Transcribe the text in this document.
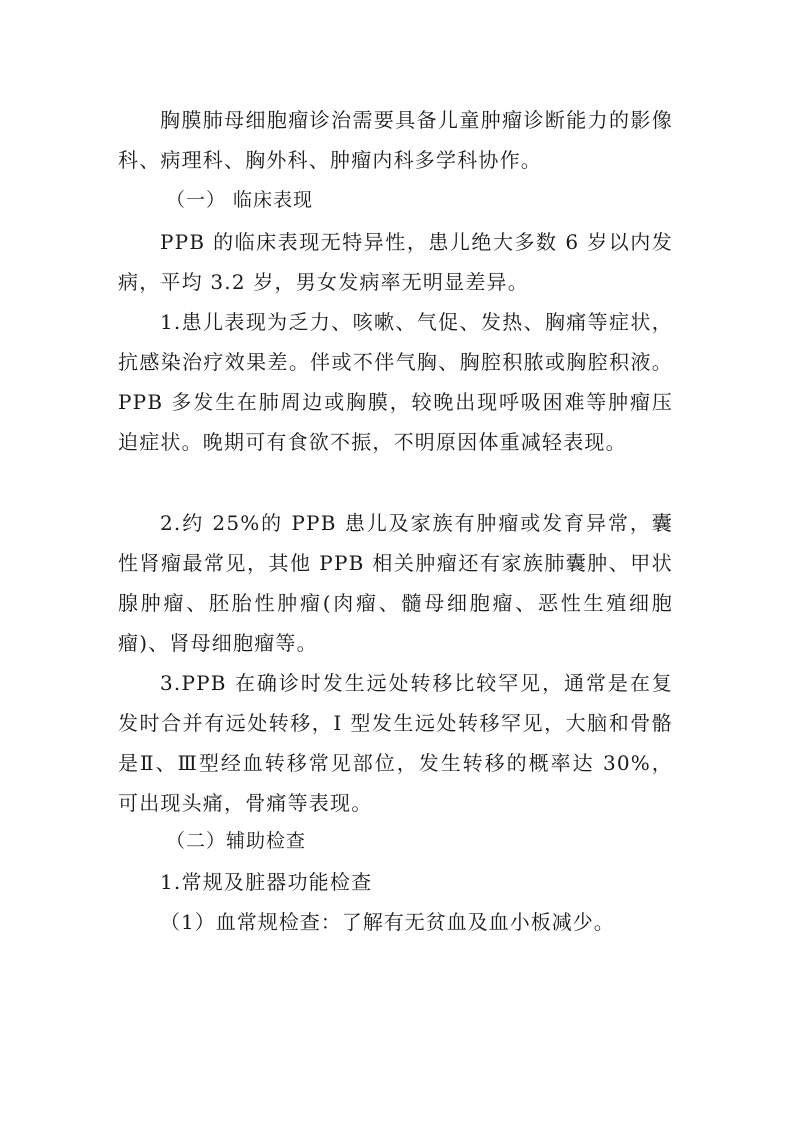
胸膜肺母细胞瘤诊治需要具备儿童肿瘤诊断能力的影像科、病理科、胸外科、肿瘤内科多学科协作。

（一） 临床表现

PPB 的临床表现无特异性，患儿绝大多数 6 岁以内发病，平均 3.2 岁，男女发病率无明显差异。

1.患儿表现为乏力、咳嗽、气促、发热、胸痛等症状，抗感染治疗效果差。伴或不伴气胸、胸腔积脓或胸腔积液。PPB 多发生在肺周边或胸膜，较晚出现呼吸困难等肿瘤压迫症状。晚期可有食欲不振，不明原因体重减轻表现。

2.约 25%的 PPB 患儿及家族有肿瘤或发育异常，囊性肾瘤最常见，其他 PPB 相关肿瘤还有家族肺囊肿、甲状腺肿瘤、胚胎性肿瘤(肉瘤、髓母细胞瘤、恶性生殖细胞瘤)、肾母细胞瘤等。

3.PPB 在确诊时发生远处转移比较罕见，通常是在复发时合并有远处转移，I 型发生远处转移罕见，大脑和骨骼是Ⅱ、Ⅲ型经血转移常见部位，发生转移的概率达 30%，可出现头痛，骨痛等表现。

（二）辅助检查

1.常规及脏器功能检查

（1）血常规检查：了解有无贫血及血小板减少。
